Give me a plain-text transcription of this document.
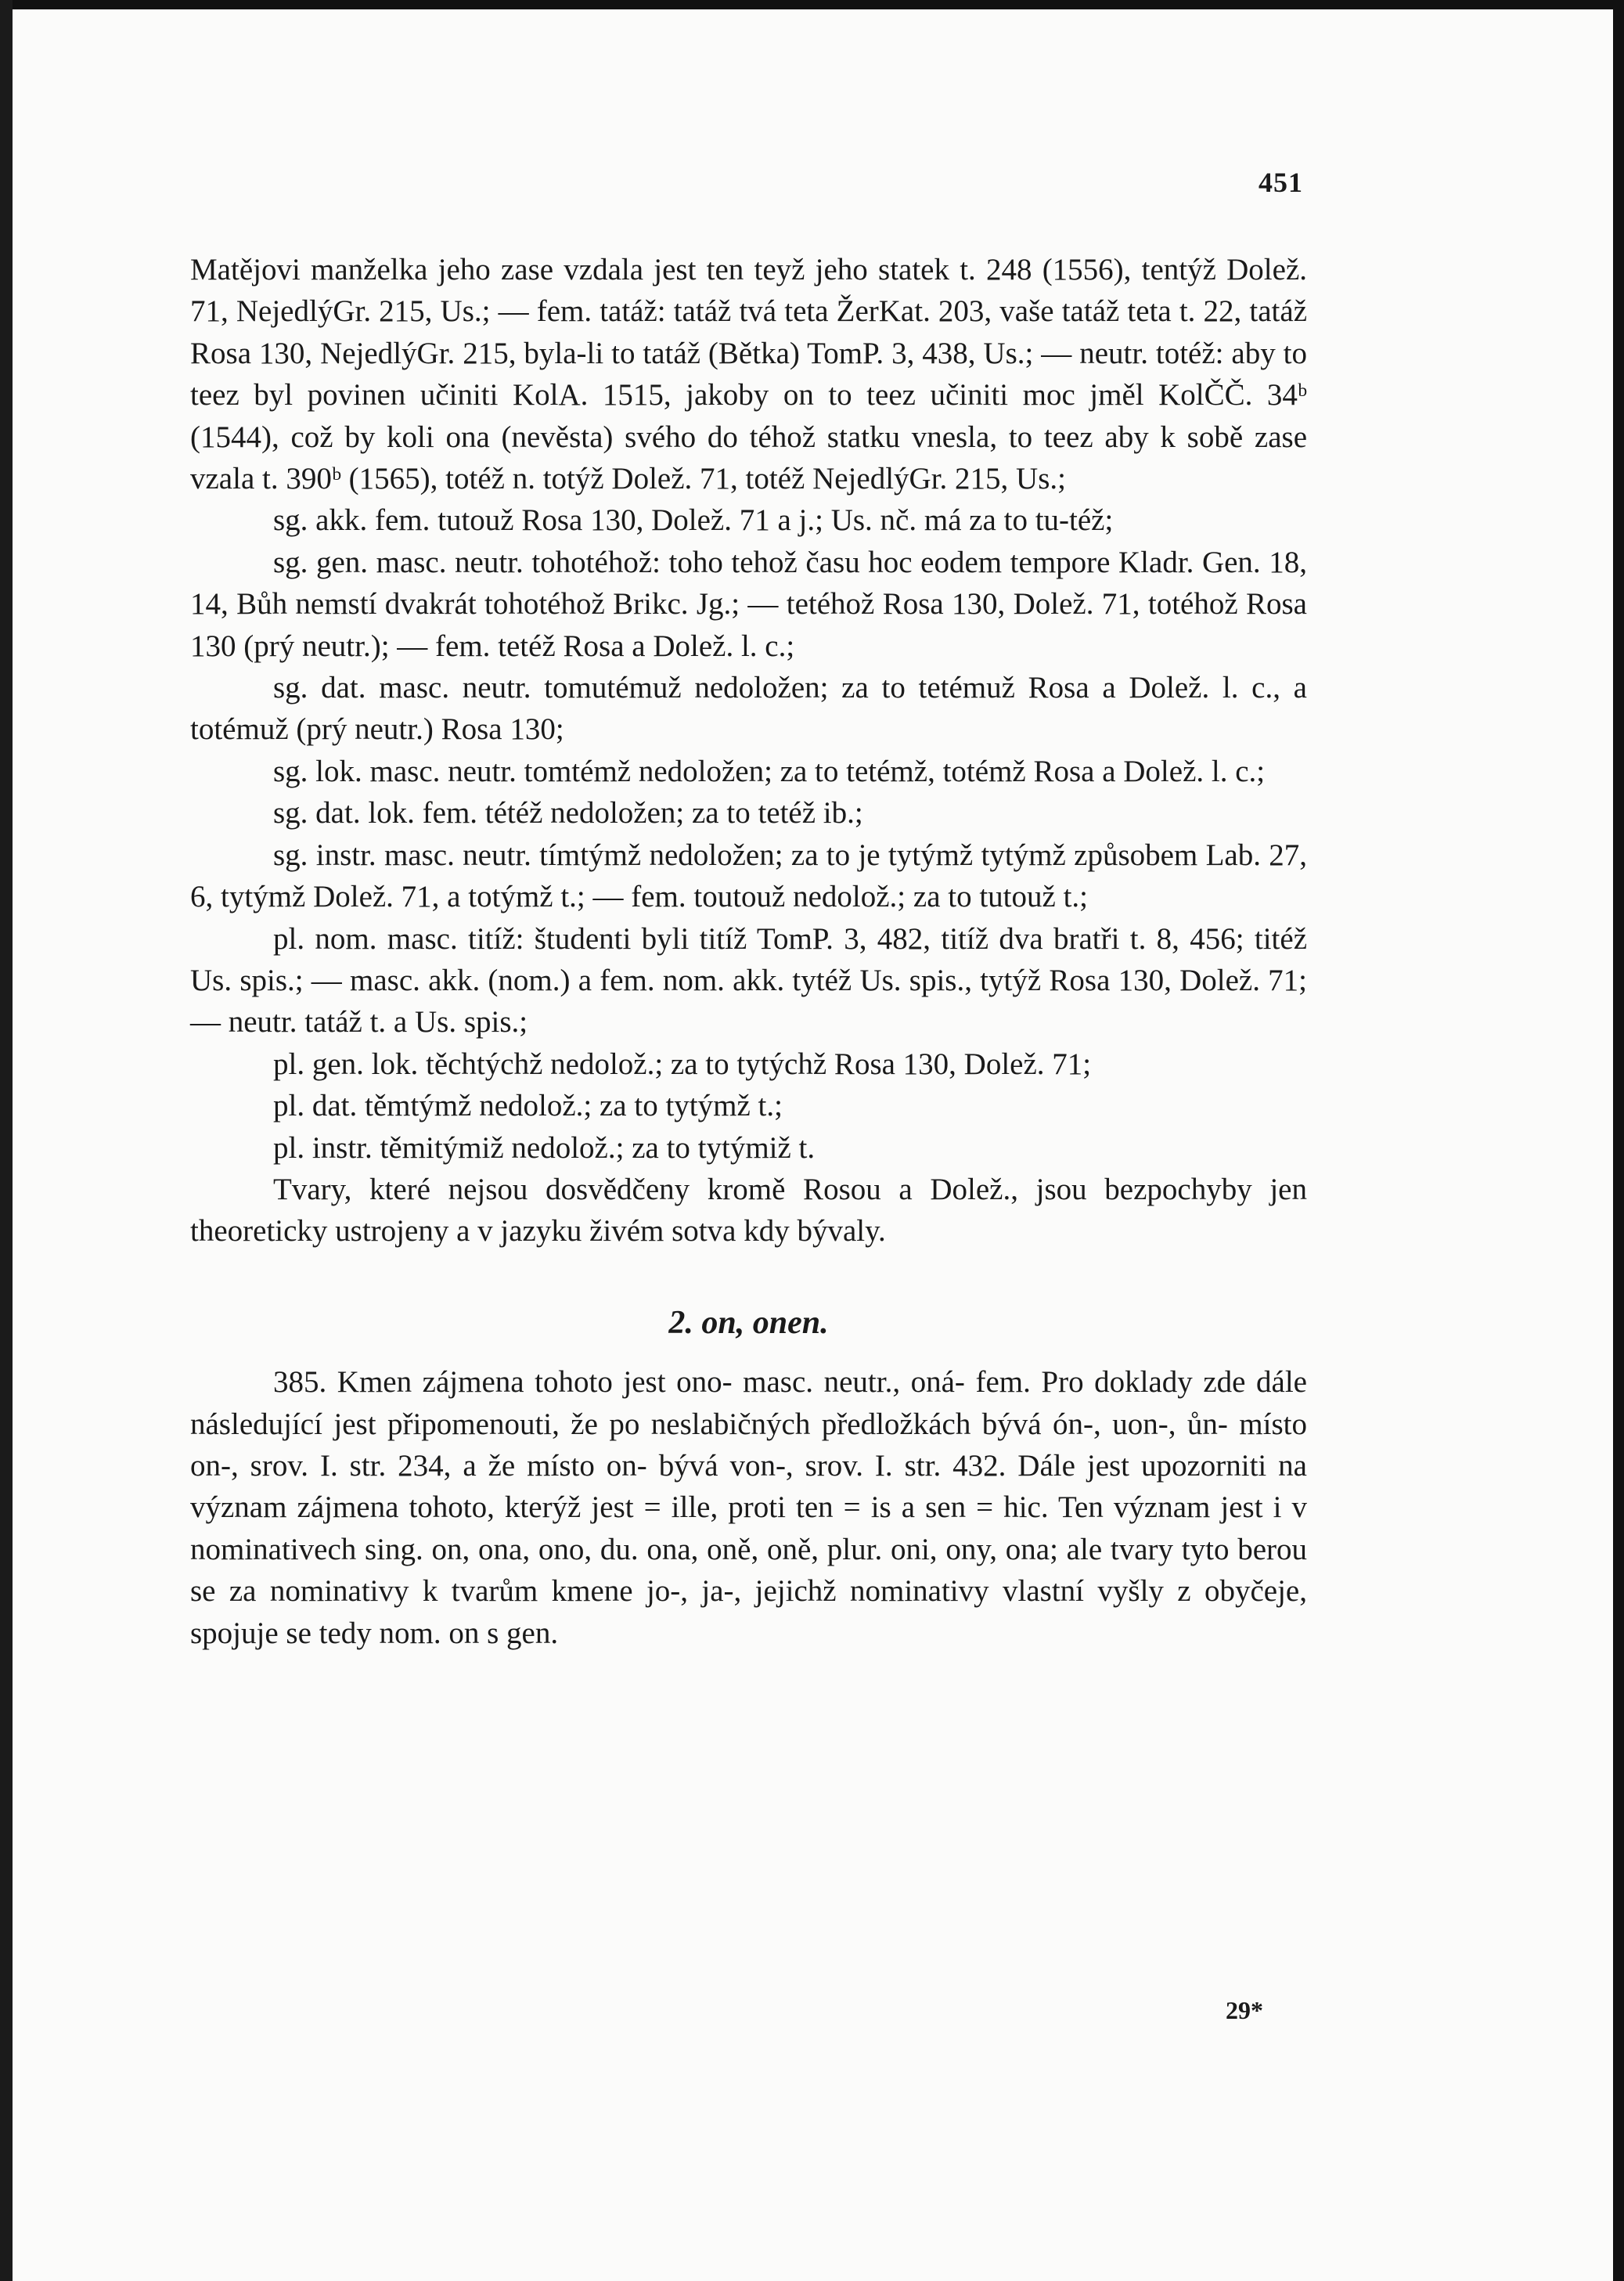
451

Matějovi manželka jeho zase vzdala jest ten teyž jeho statek t. 248 (1556), tentýž Dolež. 71, NejedlýGr. 215, Us.; — fem. tatáž: tatáž tvá teta ŽerKat. 203, vaše tatáž teta t. 22, tatáž Rosa 130, NejedlýGr. 215, byla-li to tatáž (Bětka) TomP. 3, 438, Us.; — neutr. totéž: aby to teez byl povinen učiniti KolA. 1515, jakoby on to teez učiniti moc jměl KolČČ. 34ᵇ (1544), což by koli ona (nevěsta) svého do téhož statku vnesla, to teez aby k sobě zase vzala t. 390ᵇ (1565), totéž n. totýž Dolež. 71, totéž NejedlýGr. 215, Us.;

sg. akk. fem. tutouž Rosa 130, Dolež. 71 a j.; Us. nč. má za to tu-též;

sg. gen. masc. neutr. tohotéhož: toho tehož času hoc eodem tempore Kladr. Gen. 18, 14, Bůh nemstí dvakrát tohotéhož Brikc. Jg.; — tetéhož Rosa 130, Dolež. 71, totéhož Rosa 130 (prý neutr.); — fem. tetéž Rosa a Dolež. l. c.;

sg. dat. masc. neutr. tomutémuž nedoložen; za to tetémuž Rosa a Dolež. l. c., a totémuž (prý neutr.) Rosa 130;

sg. lok. masc. neutr. tomtémž nedoložen; za to tetémž, totémž Rosa a Dolež. l. c.;

sg. dat. lok. fem. tétéž nedoložen; za to tetéž ib.;

sg. instr. masc. neutr. tímtýmž nedoložen; za to je tytýmž tytýmž způsobem Lab. 27, 6, tytýmž Dolež. 71, a totýmž t.; — fem. toutouž nedolož.; za to tutouž t.;

pl. nom. masc. titíž: študenti byli titíž TomP. 3, 482, titíž dva bratři t. 8, 456; titéž Us. spis.; — masc. akk. (nom.) a fem. nom. akk. tytéž Us. spis., tytýž Rosa 130, Dolež. 71; — neutr. tatáž t. a Us. spis.;

pl. gen. lok. těchtýchž nedolož.; za to tytýchž Rosa 130, Dolež. 71;

pl. dat. těmtýmž nedolož.; za to tytýmž t.;

pl. instr. těmitýmiž nedolož.; za to tytýmiž t.

Tvary, které nejsou dosvědčeny kromě Rosou a Dolež., jsou bezpochyby jen theoreticky ustrojeny a v jazyku živém sotva kdy bývaly.

2. on, onen.

385. Kmen zájmena tohoto jest ono- masc. neutr., oná- fem. Pro doklady zde dále následující jest připomenouti, že po neslabičných předložkách bývá ón-, uon-, ůn- místo on-, srov. I. str. 234, a že místo on- bývá von-, srov. I. str. 432. Dále jest upozorniti na význam zájmena tohoto, kterýž jest = ille, proti ten = is a sen = hic. Ten význam jest i v nominativech sing. on, ona, ono, du. ona, oně, oně, plur. oni, ony, ona; ale tvary tyto berou se za nominativy k tvarům kmene jo-, ja-, jejichž nominativy vlastní vyšly z obyčeje, spojuje se tedy nom. on s gen.

29*
